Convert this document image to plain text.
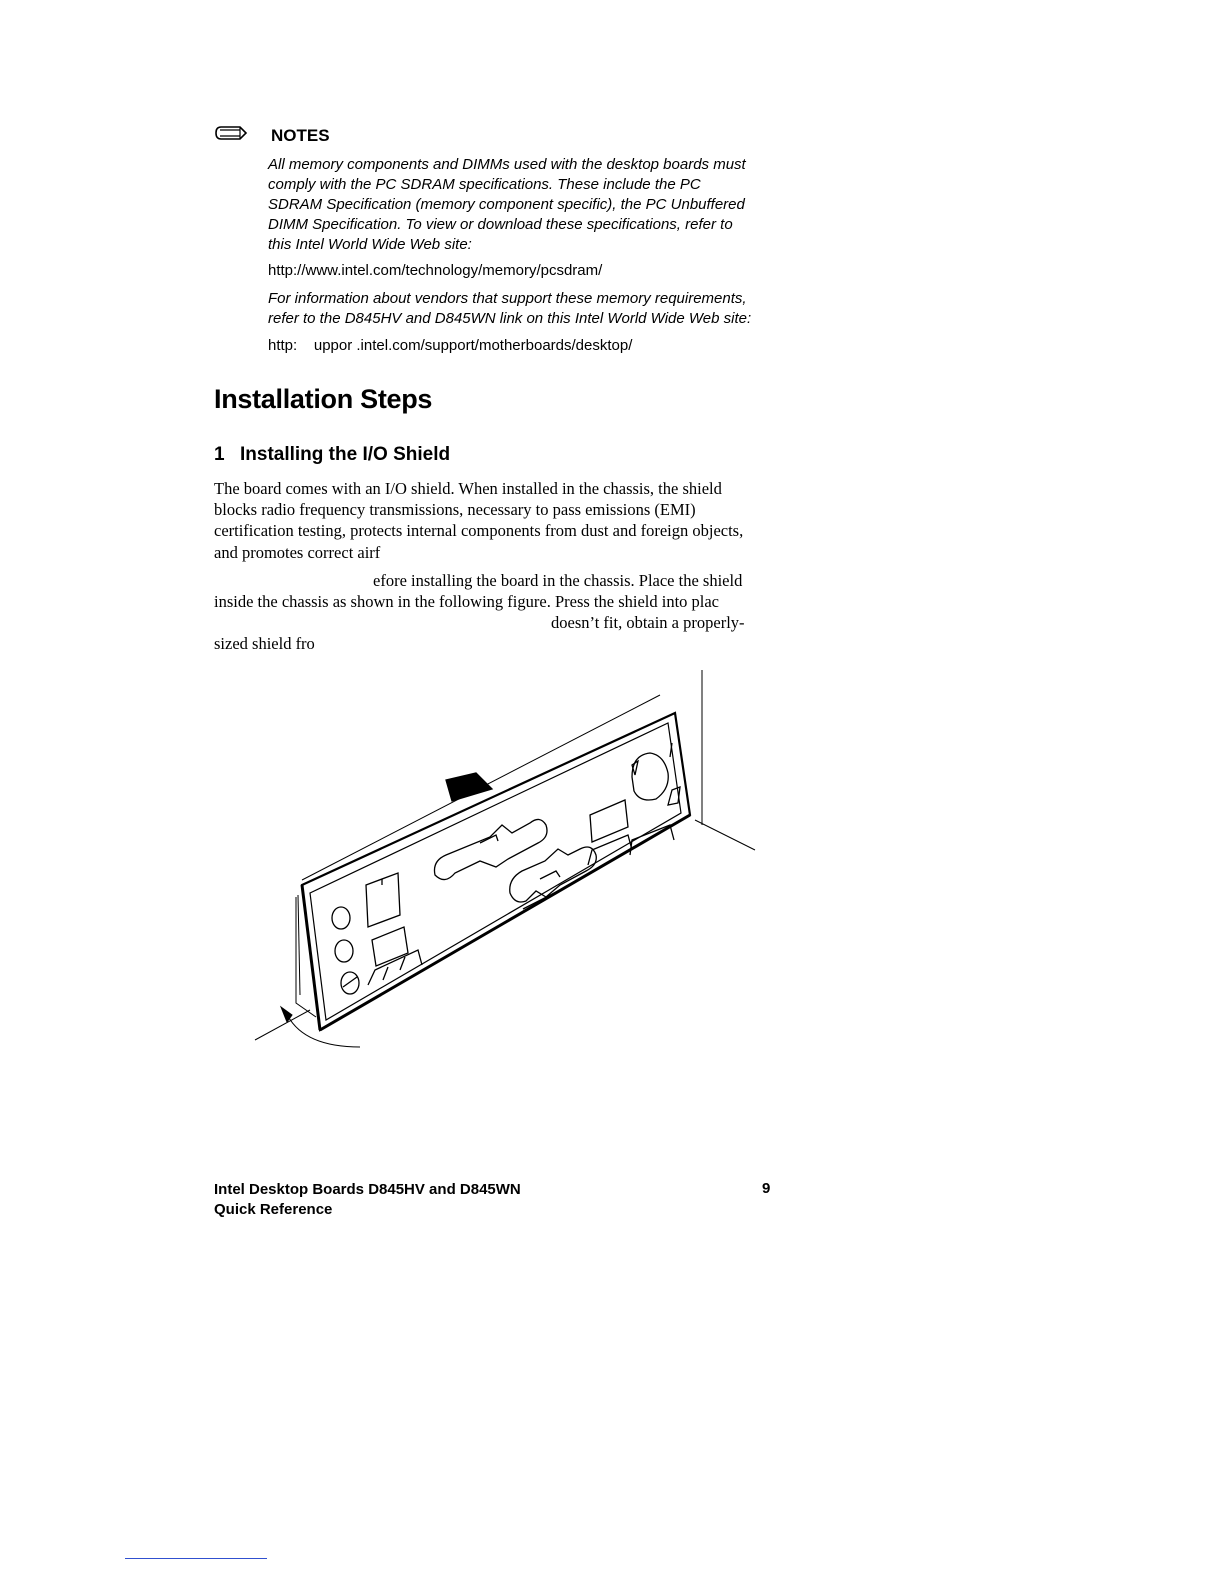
NOTES
All memory components and DIMMs used with the desktop boards must
comply with the PC SDRAM specifications. These include the PC
SDRAM Specification (memory component specific), the PC Unbuffered
DIMM Specification. To view or download these specifications, refer to
this Intel World Wide Web site:
http://www.intel.com/technology/memory/pcsdram/
For information about vendors that support these memory requirements,
refer to the D845HV and D845WN link on this Intel World Wide Web site:
http:    uppor .intel.com/support/motherboards/desktop/
Installation Steps
1 Installing the I/O Shield
The board comes with an I/O shield. When installed in the chassis, the shield
blocks radio frequency transmissions, necessary to pass emissions (EMI)
certification testing, protects internal components from dust and foreign objects,
and promotes correct airf
efore installing the board in the chassis. Place the shield
inside the chassis as shown in the following figure. Press the shield into plac
doesn’t fit, obtain a properly-
sized shield fro
Intel Desktop Boards D845HV and D845WN
Quick Reference
9
